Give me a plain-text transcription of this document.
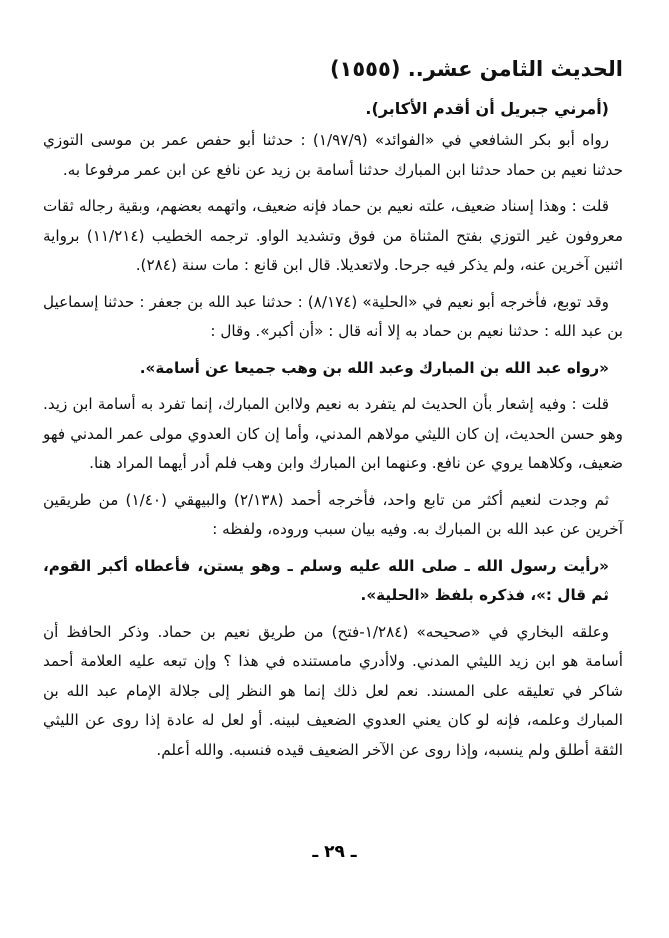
الحديث الثامن عشر.. (١٥٥٥)
(أمرني جبريل أن أقدم الأكابر).

رواه أبو بكر الشافعي في «الفوائد» (١/٩٧/٩) : حدثنا أبو حفص عمر بن موسى التوزي حدثنا نعيم بن حماد حدثنا ابن المبارك حدثنا أسامة بن زيد عن نافع عن ابن عمر مرفوعا به.

قلت : وهذا إسناد ضعيف، علته نعيم بن حماد فإنه ضعيف، واتهمه بعضهم، وبقية رجاله ثقات معروفون غير التوزي بفتح المثناة من فوق وتشديد الواو. ترجمه الخطيب (١١/٢١٤) برواية اثنين آخرين عنه، ولم يذكر فيه جرحا. ولاتعديلا. قال ابن قانع : مات سنة (٢٨٤).

وقد توبع، فأخرجه أبو نعيم في «الحلية» (٨/١٧٤) : حدثنا عبد الله بن جعفر : حدثنا إسماعيل بن عبد الله : حدثنا نعيم بن حماد به إلا أنه قال : «أن أكبر». وقال :

«رواه عبد الله بن المبارك وعبد الله بن وهب جميعا عن أسامة».

قلت : وفيه إشعار بأن الحديث لم يتفرد به نعيم ولاابن المبارك، إنما تفرد به أسامة ابن زيد. وهو حسن الحديث، إن كان الليثي مولاهم المدني، وأما إن كان العدوي مولى عمر المدني فهو ضعيف، وكلاهما يروي عن نافع. وعنهما ابن المبارك وابن وهب فلم أدر أيهما المراد هنا.

ثم وجدت لنعيم أكثر من تابع واحد، فأخرجه أحمد (٢/١٣٨) والبيهقي (١/٤٠) من طريقين آخرين عن عبد الله بن المبارك به. وفيه بيان سبب وروده، ولفظه :

«رأيت رسول الله ـ صلى الله عليه وسلم ـ وهو يستن، فأعطاه أكبر القوم، ثم قال :»، فذكره بلفظ «الحلية».

وعلقه البخاري في «صحيحه» (١/٢٨٤-فتح) من طريق نعيم بن حماد. وذكر الحافظ أن أسامة هو ابن زيد الليثي المدني. ولاأدري مامستنده في هذا ؟ وإن تبعه عليه العلامة أحمد شاكر في تعليقه على المسند. نعم لعل ذلك إنما هو النظر إلى جلالة الإمام عبد الله بن المبارك وعلمه، فإنه لو كان يعني العدوي الضعيف لبينه. أو لعل له عادة إذا روى عن الليثي الثقة أطلق ولم ينسبه، وإذا روى عن الآخر الضعيف قيده فنسبه. والله أعلم.

ـ ٢٩ ـ
